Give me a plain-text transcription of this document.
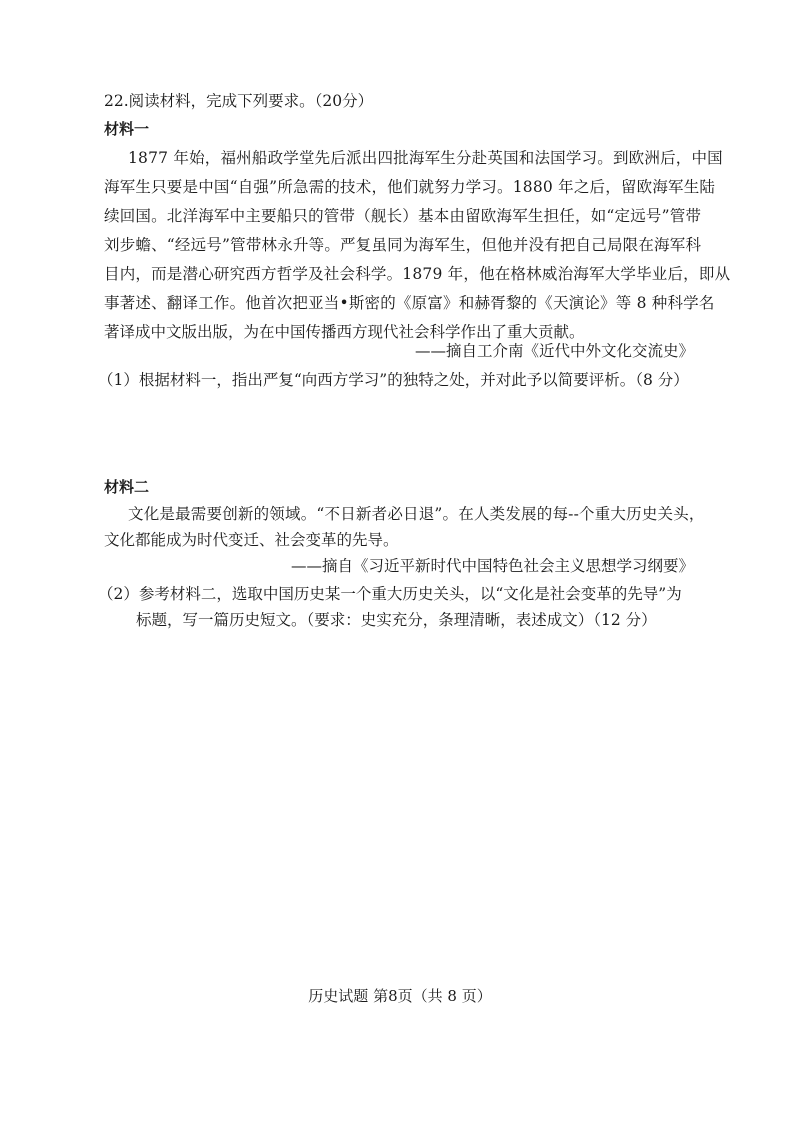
22.阅读材料，完成下列要求。（20分）
材料一
1877 年始，福州船政学堂先后派出四批海军生分赴英国和法国学习。到欧洲后，中国
海军生只要是中国“自强”所急需的技术，他们就努力学习。1880 年之后，留欧海军生陆
续回国。北洋海军中主要船只的管带（舰长）基本由留欧海军生担任，如“定远号”管带
刘步蟾、“经远号”管带林永升等。严复虽同为海军生，但他并没有把自己局限在海军科
目内，而是潜心研究西方哲学及社会科学。1879 年，他在格林威治海军大学毕业后，即从
事著述、翻译工作。他首次把亚当•斯密的《原富》和赫胥黎的《天演论》等 8 种科学名
著译成中文版出版，为在中国传播西方现代社会科学作出了重大贡献。
——摘自工介南《近代中外文化交流史》
（1）根据材料一，指出严复“向西方学习”的独特之处，并对此予以简要评析。（8 分）
材料二
文化是最需要创新的领域。“不日新者必日退”。在人类发展的每--个重大历史关头，
文化都能成为时代变迁、社会变革的先导。
——摘自《习近平新时代中国特色社会主义思想学习纲要》
（2）参考材料二，选取中国历史某一个重大历史关头，以“文化是社会变革的先导”为
标题，写一篇历史短文。（要求：史实充分，条理清晰，表述成文）（12 分）
历史试题 第8页（共 8 页）
